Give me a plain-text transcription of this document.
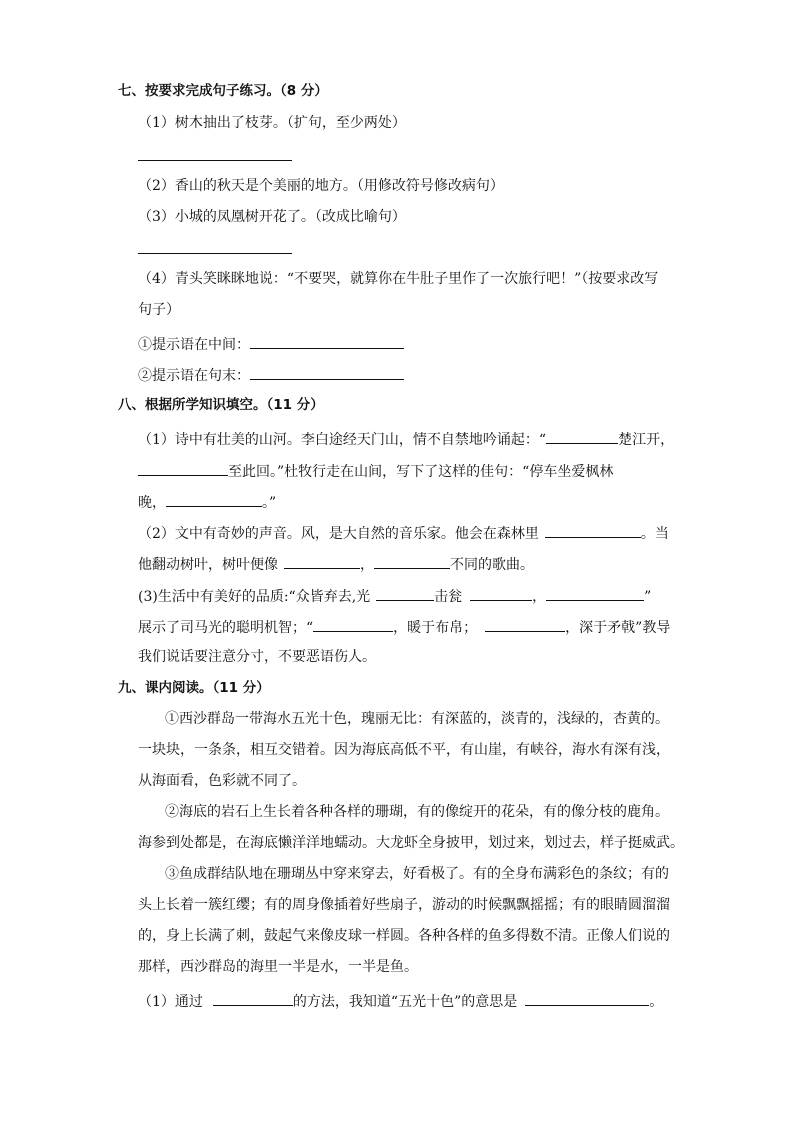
七、按要求完成句子练习。（8 分）
（1）树木抽出了枝芽。（扩句，至少两处）
（2）香山的秋天是个美丽的地方。（用修改符号修改病句）
（3）小城的凤凰树开花了。（改成比喻句）
（4）青头笑眯眯地说：“不要哭，就算你在牛肚子里作了一次旅行吧！”（按要求改写
句子）
①提示语在中间：
②提示语在句末：
八、根据所学知识填空。（11 分）
（1）诗中有壮美的山河。李白途经天门山，情不自禁地吟诵起：“	楚江开，
至此回。”杜牧行走在山间，写下了这样的佳句：“停车坐爱枫林
晚，	。”
（2）文中有奇妙的声音。风，是大自然的音乐家。他会在森林里	。当
他翻动树叶，树叶便像	，	不同的歌曲。
(3)生活中有美好的品质:“众皆弃去,光	击瓮	，	”
展示了司马光的聪明机智；“	，暖于布帛；	，深于矛戟”教导
我们说话要注意分寸，不要恶语伤人。
九、课内阅读。（11 分）
①西沙群岛一带海水五光十色，瑰丽无比：有深蓝的，淡青的，浅绿的，杏黄的。
一块块，一条条，相互交错着。因为海底高低不平，有山崖，有峡谷，海水有深有浅，
从海面看，色彩就不同了。
②海底的岩石上生长着各种各样的珊瑚，有的像绽开的花朵，有的像分枝的鹿角。
海参到处都是，在海底懒洋洋地蠕动。大龙虾全身披甲，划过来，划过去，样子挺威武。
③鱼成群结队地在珊瑚丛中穿来穿去，好看极了。有的全身布满彩色的条纹；有的
头上长着一簇红缨；有的周身像插着好些扇子，游动的时候飘飘摇摇；有的眼睛圆溜溜
的，身上长满了刺，鼓起气来像皮球一样圆。各种各样的鱼多得数不清。正像人们说的
那样，西沙群岛的海里一半是水，一半是鱼。
（1）通过	的方法，我知道“五光十色”的意思是	。
